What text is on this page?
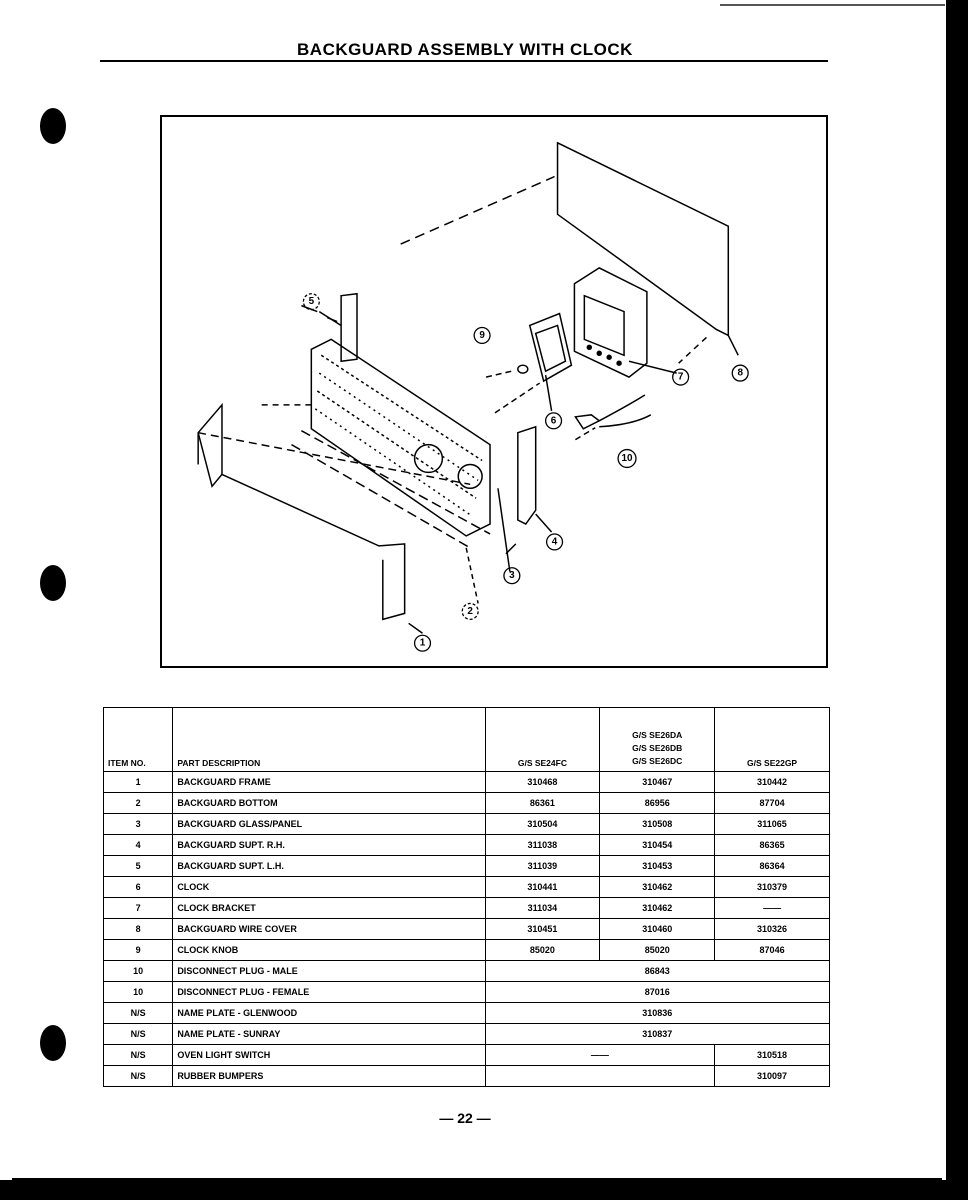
BACKGUARD ASSEMBLY WITH CLOCK
1
2
3
4
5
6
7	8
9
10
ITEM NO.	PART DESCRIPTION	G/S SE24FC	G/S SE26DA
G/S SE26DB
G/S SE26DC	G/S SE22GP
1	BACKGUARD FRAME	310468	310467	310442
2	BACKGUARD BOTTOM	86361	86956	87704
3	BACKGUARD GLASS/PANEL	310504	310508	311065
4	BACKGUARD SUPT. R.H.	311038	310454	86365
5	BACKGUARD SUPT. L.H.	311039	310453	86364
6	CLOCK	310441	310462	310379
7	CLOCK BRACKET	311034	310462	——
8	BACKGUARD WIRE COVER	310451	310460	310326
9	CLOCK KNOB	85020	85020	87046
10	DISCONNECT PLUG - MALE	86843		
10	DISCONNECT PLUG - FEMALE	87016		
N/S	NAME PLATE - GLENWOOD	310836		
N/S	NAME PLATE - SUNRAY	310837		
N/S	OVEN LIGHT SWITCH	——		310518
N/S	RUBBER BUMPERS			310097
— 22 —
